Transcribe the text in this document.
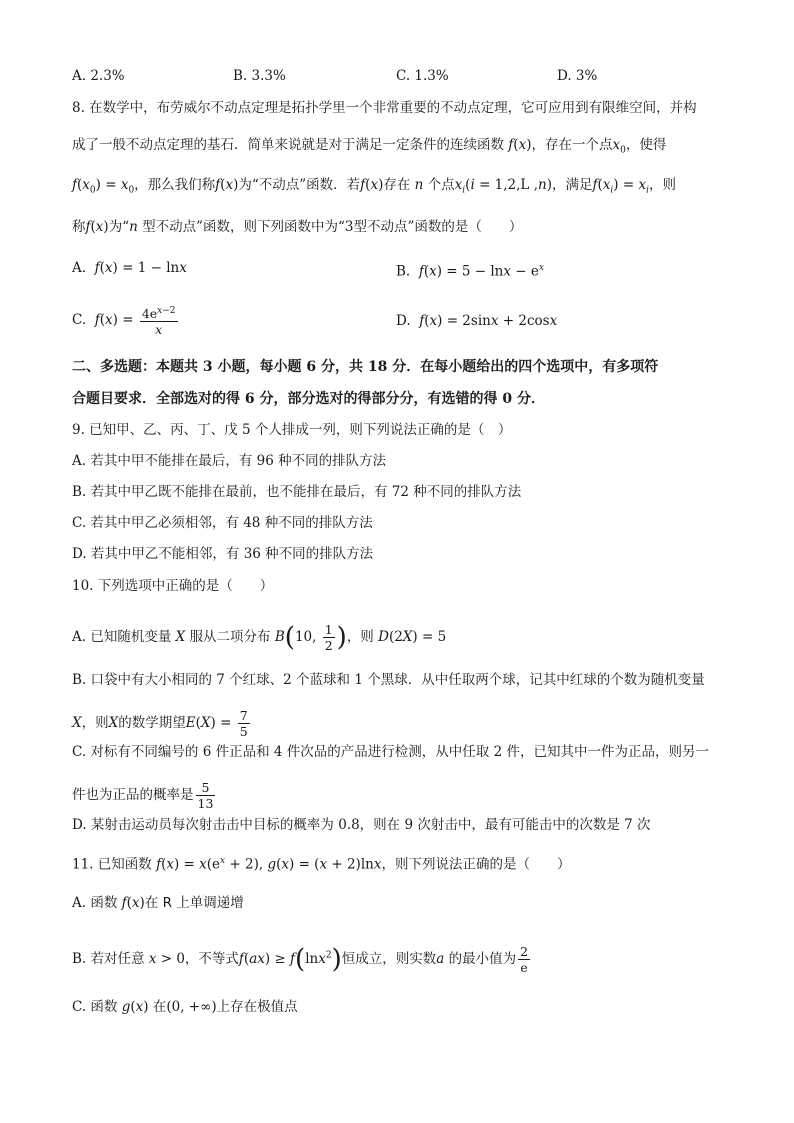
A. 2.3%	B. 3.3%	C. 1.3%	D. 3%
8. 在数学中，布劳威尔不动点定理是拓扑学里一个非常重要的不动点定理，它可应用到有限维空间，并构
成了一般不动点定理的基石．简单来说就是对于满足一定条件的连续函数 f(x)，存在一个点$x_0$，使得
$f(x_0) = x_0$，那么我们称f(x)为“不动点”函数．若f(x)存在 n 个点$x_i(i = 1,2,L$ ,n)，满足$f(x_i) = x_i$，则
称f(x)为“n 型不动点”函数，则下列函数中为“3型不动点”函数的是（　　）
A. f(x) = 1 − lnx	B. $f(x) = 5 - \ln x - e^x$
C. $f(x) = \frac{4e^{x-2}}{x}$	D. f(x) = 2sinx + 2cosx
二、多选题：本题共 3 小题，每小题 6 分，共 18 分．在每小题给出的四个选项中，有多项符
合题目要求．全部选对的得 6 分，部分选对的得部分分，有选错的得 0 分．
9. 已知甲、乙、丙、丁、戊 5 个人排成一列，则下列说法正确的是（　）
A. 若其中甲不能排在最后，有 96 种不同的排队方法
B. 若其中甲乙既不能排在最前，也不能排在最后，有 72 种不同的排队方法
C. 若其中甲乙必须相邻，有 48 种不同的排队方法
D. 若其中甲乙不能相邻，有 36 种不同的排队方法
10. 下列选项中正确的是（　　）
A. 已知随机变量 X 服从二项分布 B(10, $\frac{1}{2}$ )，则 D(2X) = 5
B. 口袋中有大小相同的 7 个红球、2 个蓝球和 1 个黑球．从中任取两个球，记其中红球的个数为随机变量
X，则X的数学期望$E(X) = \frac{7}{5}$
C. 对标有不同编号的 6 件正品和 4 件次品的产品进行检测，从中任取 2 件，已知其中一件为正品，则另一
件也为正品的概率是 $\frac{5}{13}$
D. 某射击运动员每次射击击中目标的概率为 0.8，则在 9 次射击中，最有可能击中的次数是 7 次
11. 已知函数 $f(x) = x(e^x + 2)$, g(x) = (x + 2)lnx，则下列说法正确的是（　　）
A. 函数 f(x)在 R 上单调递增
B. 若对任意 x > 0，不等式f(ax) ≥ f(lnx$^2$)恒成立，则实数a 的最小值为 $\frac{2}{e}$
C. 函数 g(x) 在(0, +∞)上存在极值点
